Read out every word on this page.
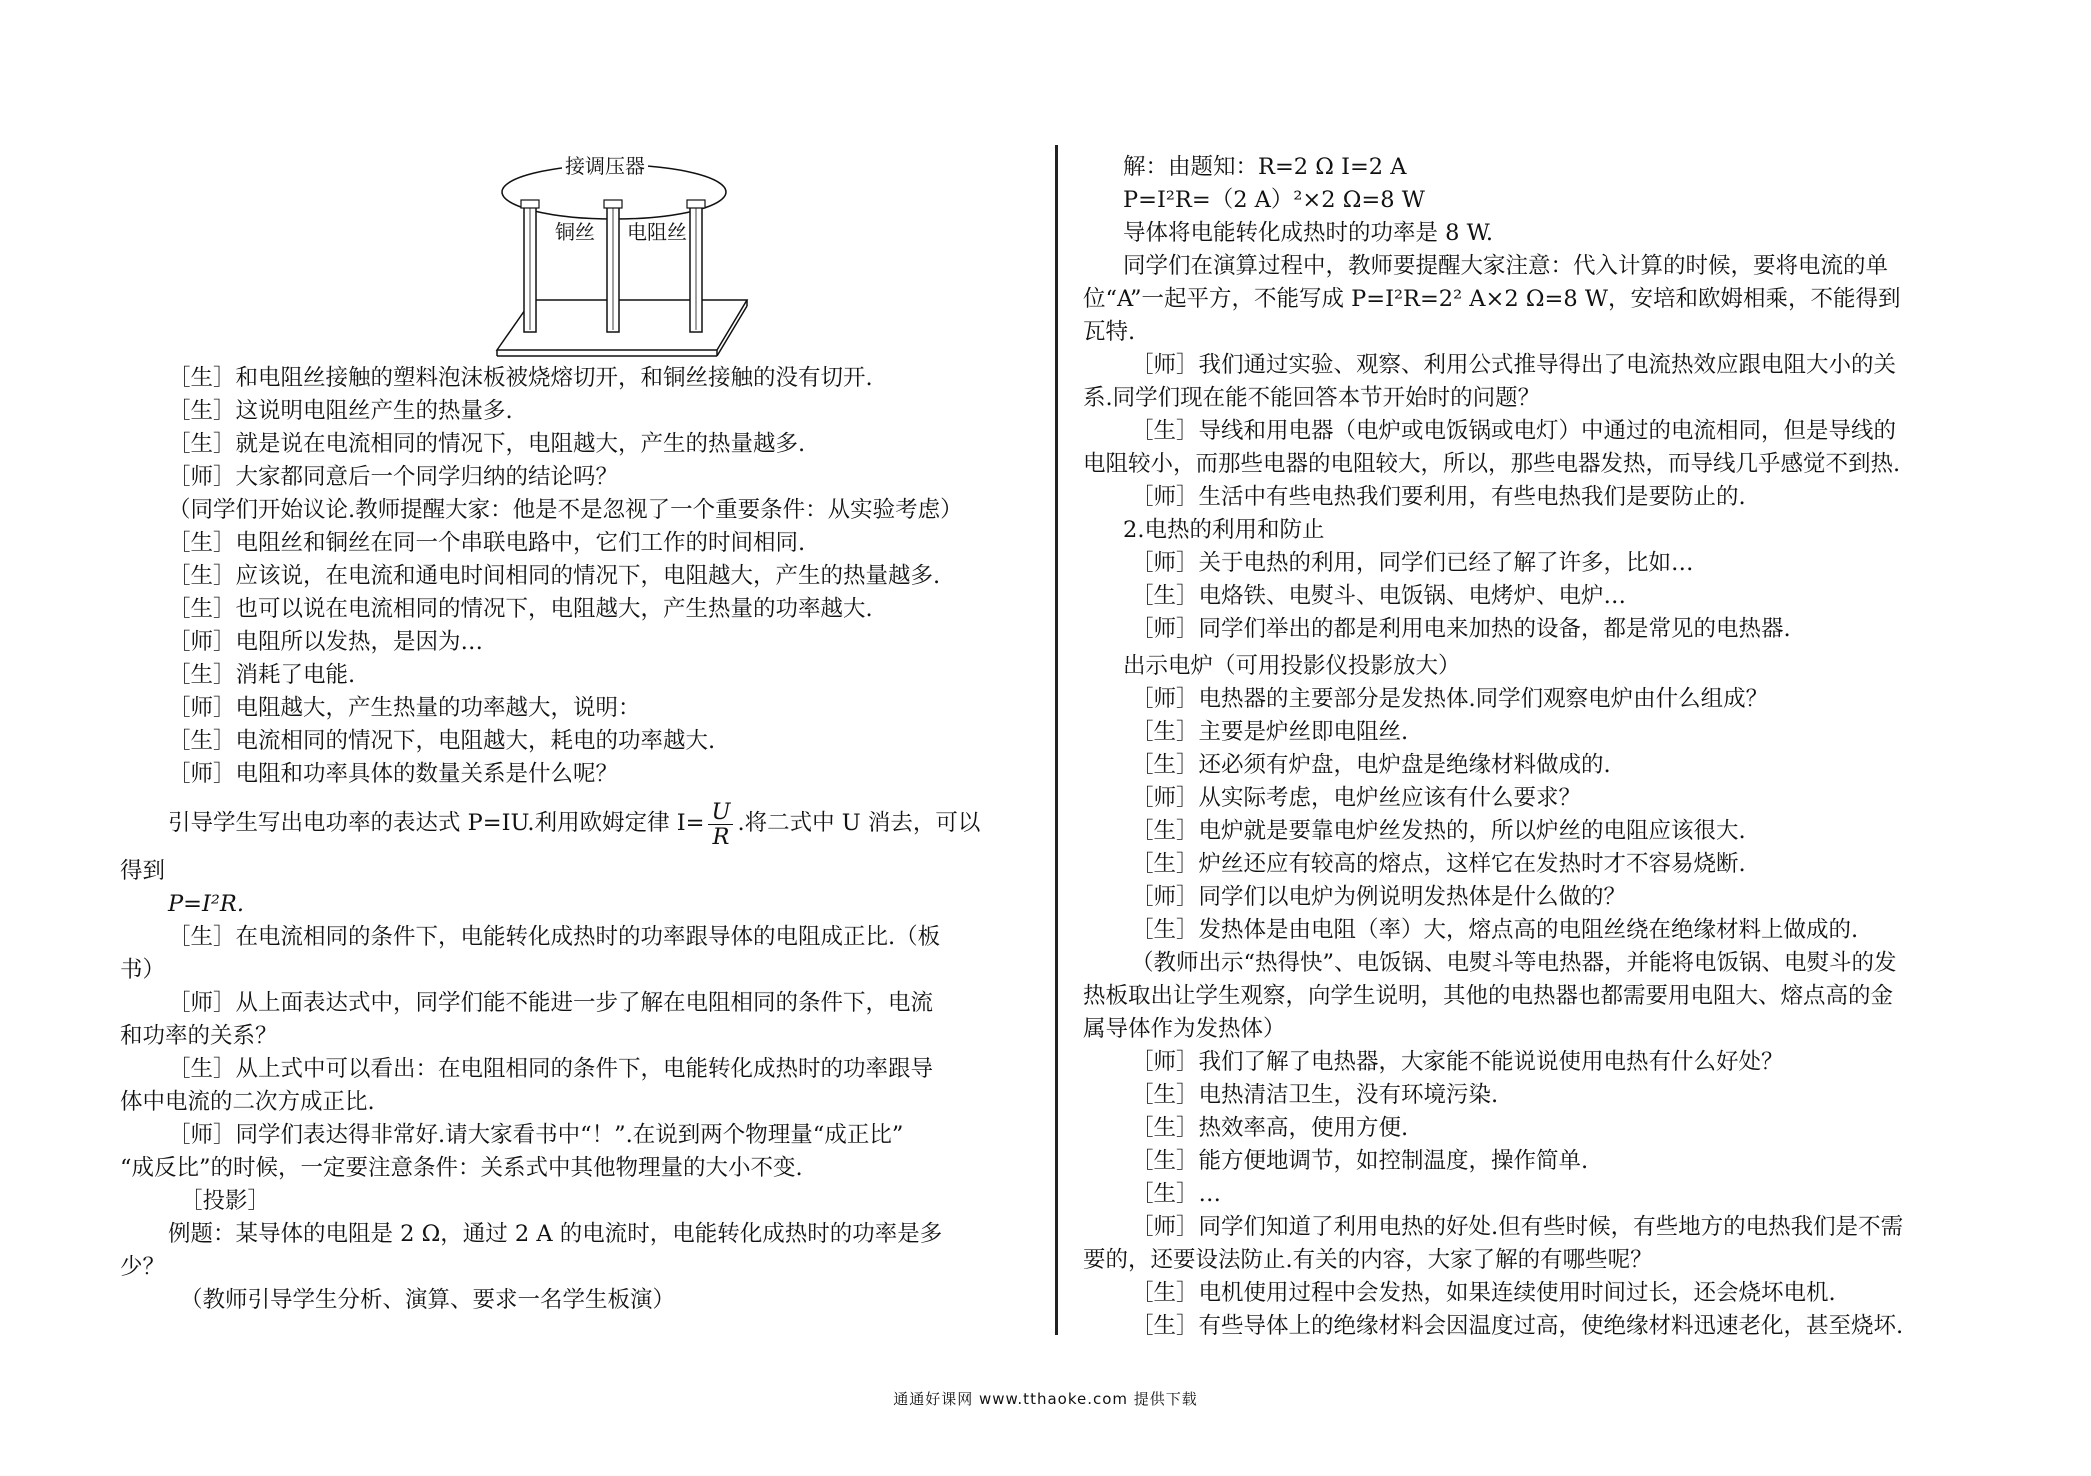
接调压器
铜丝 电阻丝
［生］和电阻丝接触的塑料泡沫板被烧熔切开，和铜丝接触的没有切开.
［生］这说明电阻丝产生的热量多.
［生］就是说在电流相同的情况下，电阻越大，产生的热量越多.
［师］大家都同意后一个同学归纳的结论吗？
（同学们开始议论.教师提醒大家：他是不是忽视了一个重要条件：从实验考虑）
［生］电阻丝和铜丝在同一个串联电路中，它们工作的时间相同.
［生］应该说，在电流和通电时间相同的情况下，电阻越大，产生的热量越多.
［生］也可以说在电流相同的情况下，电阻越大，产生热量的功率越大.
［师］电阻所以发热，是因为…
［生］消耗了电能.
［师］电阻越大，产生热量的功率越大，说明：
［生］电流相同的情况下，电阻越大，耗电的功率越大.
［师］电阻和功率具体的数量关系是什么呢？
引导学生写出电功率的表达式 P=IU.利用欧姆定律 $I= \frac{U}{R}$ .将二式中 U 消去，可以
得到
P=I²R.
［生］在电流相同的条件下，电能转化成热时的功率跟导体的电阻成正比.（板
书）
［师］从上面表达式中，同学们能不能进一步了解在电阻相同的条件下，电流
和功率的关系？
［生］从上式中可以看出：在电阻相同的条件下，电能转化成热时的功率跟导
体中电流的二次方成正比.
［师］同学们表达得非常好.请大家看书中“！”.在说到两个物理量“成正比”
“成反比”的时候，一定要注意条件：关系式中其他物理量的大小不变.
［投影］
例题：某导体的电阻是 2 Ω，通过 2 A 的电流时，电能转化成热时的功率是多
少？
（教师引导学生分析、演算、要求一名学生板演）
解：由题知：R=2 Ω I=2 A
P=I²R=（2 A）²×2 Ω=8 W
导体将电能转化成热时的功率是 8 W.
同学们在演算过程中，教师要提醒大家注意：代入计算的时候，要将电流的单
位“A”一起平方，不能写成 P=I²R=2² A×2 Ω=8 W，安培和欧姆相乘，不能得到
瓦特.
［师］我们通过实验、观察、利用公式推导得出了电流热效应跟电阻大小的关
系.同学们现在能不能回答本节开始时的问题？
［生］导线和用电器（电炉或电饭锅或电灯）中通过的电流相同，但是导线的
电阻较小，而那些电器的电阻较大，所以，那些电器发热，而导线几乎感觉不到热.
［师］生活中有些电热我们要利用，有些电热我们是要防止的.
2.电热的利用和防止
［师］关于电热的利用，同学们已经了解了许多，比如…
［生］电烙铁、电熨斗、电饭锅、电烤炉、电炉…
［师］同学们举出的都是利用电来加热的设备，都是常见的电热器.
出示电炉（可用投影仪投影放大）
［师］电热器的主要部分是发热体.同学们观察电炉由什么组成？
［生］主要是炉丝即电阻丝.
［生］还必须有炉盘，电炉盘是绝缘材料做成的.
［师］从实际考虑，电炉丝应该有什么要求？
［生］电炉就是要靠电炉丝发热的，所以炉丝的电阻应该很大.
［生］炉丝还应有较高的熔点，这样它在发热时才不容易烧断.
［师］同学们以电炉为例说明发热体是什么做的？
［生］发热体是由电阻（率）大，熔点高的电阻丝绕在绝缘材料上做成的.
（教师出示“热得快”、电饭锅、电熨斗等电热器，并能将电饭锅、电熨斗的发
热板取出让学生观察，向学生说明，其他的电热器也都需要用电阻大、熔点高的金
属导体作为发热体）
［师］我们了解了电热器，大家能不能说说使用电热有什么好处？
［生］电热清洁卫生，没有环境污染.
［生］热效率高，使用方便.
［生］能方便地调节，如控制温度，操作简单.
［生］…
［师］同学们知道了利用电热的好处.但有些时候，有些地方的电热我们是不需
要的，还要设法防止.有关的内容，大家了解的有哪些呢？
［生］电机使用过程中会发热，如果连续使用时间过长，还会烧坏电机.
［生］有些导体上的绝缘材料会因温度过高，使绝缘材料迅速老化，甚至烧坏.
通通好课网 www.tthaoke.com 提供下载
